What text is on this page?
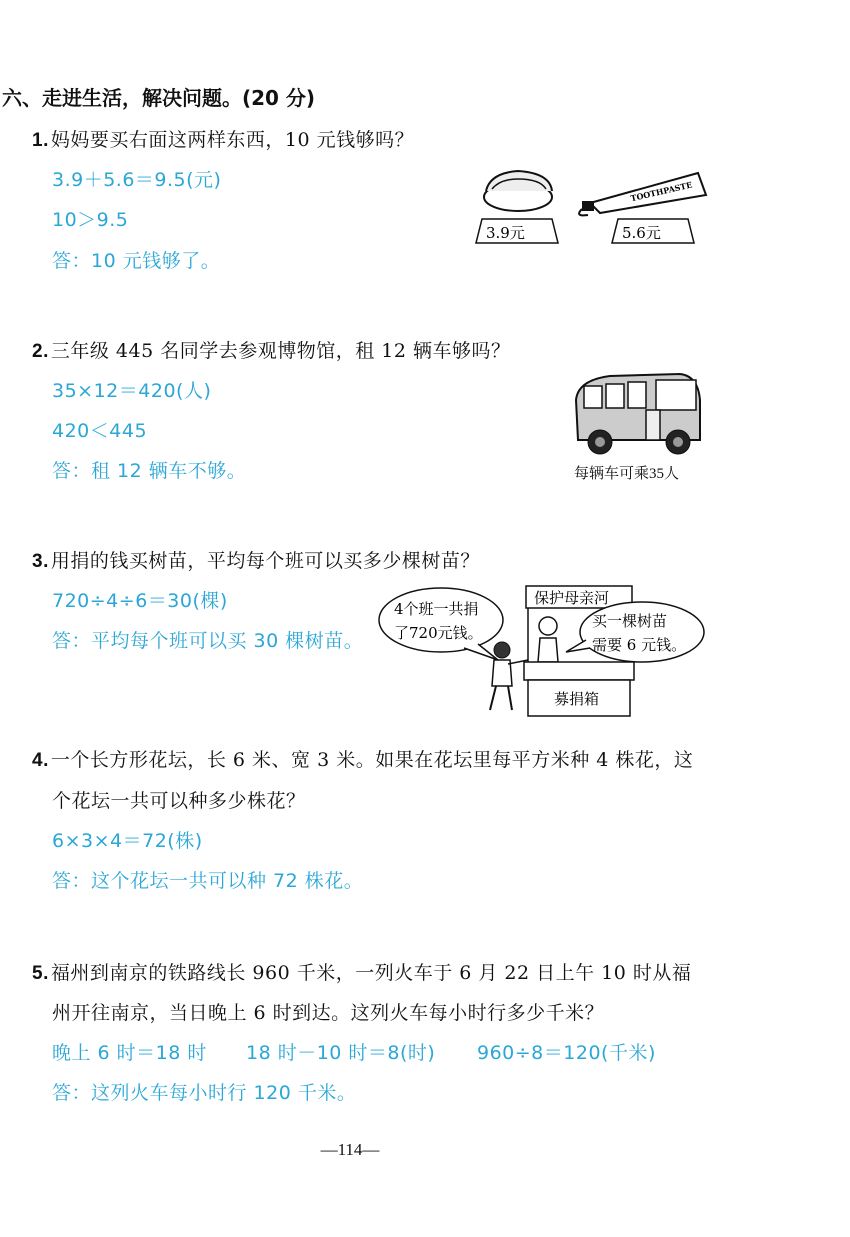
六、走进生活，解决问题。(20 分)
1. 妈妈要买右面这两样东西，10 元钱够吗？
3.9＋5.6＝9.5(元)
10＞9.5
答：10 元钱够了。
TOOTHPASTE
3.9元	5.6元
2. 三年级 445 名同学去参观博物馆，租 12 辆车够吗？
35×12＝420(人)
420＜445
答：租 12 辆车不够。	每辆车可乘35人
3. 用捐的钱买树苗，平均每个班可以买多少棵树苗？
720÷4÷6＝30(棵)
答：平均每个班可以买 30 棵树苗。
4个班一共捐
了720元钱。
保护母亲河
买一棵树苗
需要 6 元钱。
募捐箱
4. 一个长方形花坛，长 6 米、宽 3 米。如果在花坛里每平方米种 4 株花，这
个花坛一共可以种多少株花？
6×3×4＝72(株)
答：这个花坛一共可以种 72 株花。
5. 福州到南京的铁路线长 960 千米，一列火车于 6 月 22 日上午 10 时从福
州开往南京，当日晚上 6 时到达。这列火车每小时行多少千米？
晚上 6 时＝18 时 18 时－10 时＝8(时) 960÷8＝120(千米)
答：这列火车每小时行 120 千米。
—114—
